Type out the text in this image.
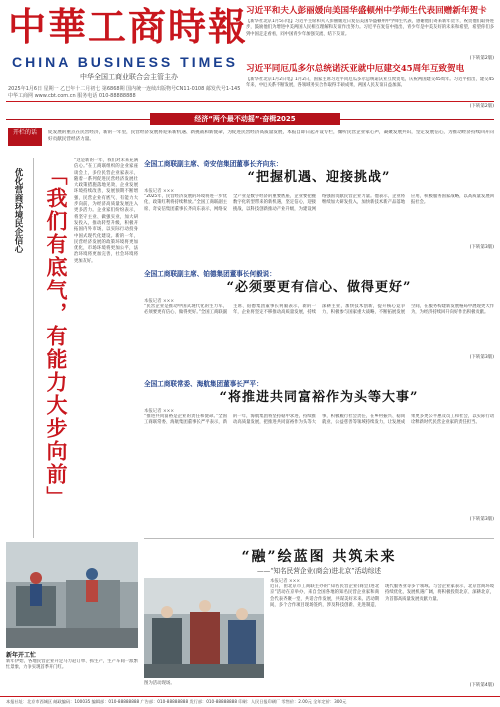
中華工商時報
CHINA BUSINESS TIMES
中华全国工商业联合会主管主办
2025年1月6日 星期一 乙巳年十二月初七 第6868期 国内统一连续出版物号CN11-0108 邮发代号1-145 中华工商网 www.cbt.com.cn 服务电话 010-88888888
习近平和夫人彭丽媛向美国华盛顿州中学师生代表回赠新年贺卡
【新华社北京1月5日电】习近平主席和夫人彭丽媛近日复信美国华盛顿州中学师生代表，感谢他们寄来新年贺卡，祝贺他们取得进步，鼓励他们为增进中美两国人民相互理解和友谊作出努力。习近平在复信中指出，青少年是中美友好的未来和希望，希望你们多到中国走走看看，同中国青少年加强交流、结下友谊。
(下转第2版)
习近平同厄瓜多尔总统诺沃亚就中厄建交45周年互致贺电
【新华社北京1月2日电】1月2日，国家主席习近平同厄瓜多尔总统诺沃亚互致贺电，庆祝两国建交45周年。习近平指出，建交45年来，中厄关系不断发展，各领域务实合作取得丰硕成果，两国人民友谊日益加深。
(下转第2版)
经济“两个最不动摇”·奋楫2025
开栏的话	促发展的重点在民营经济，新的一年里，民营经济发展将迎来新机遇、新挑战和新使命，为促进民营经济高质量发展，本报自即日起开设专栏，倾听民营企业家心声，凝聚发展共识，坚定发展信心，为推动经济持续回升向好贡献民营经济力量。
优化营商环境民企信心	「我们有底气，有能力大步向前」
“这是新的一年，我们对未来充满信心。”在工商联组织的企业家座谈会上，多位民营企业家表示，随着一系列促进民营经济发展壮大政策措施落地见效，企业发展环境持续改善，发展预期不断增强，民营企业有底气、有能力大步向前，为经济高质量发展注入更多活力。企业家们纷纷表示，将坚守主业、做强实业，加大研发投入，推动转型升级，积极开拓国内外市场，以实际行动投身中国式现代化建设。新的一年，民营经济发展的政策环境将更加优化，市场环境将更加公平，法治环境将更加完善，社会环境将更加友好。
新年开工忙
新年伊始，各地民营企业开足马力赶订单、抓生产，生产车间一派繁忙景象，力争实现首季开门红。
全国工商联副主席、奇安信集团董事长齐向东：
“把握机遇、迎接挑战”
本报记者 ×××
“2025年，民营经济发展的环境将进一步优化，政策红利将持续释放。”全国工商联副主席、奇安信集团董事长齐向东表示，网络安全产业是数字经济的重要底座，企业要把握数字化转型带来的新机遇，坚定信心，迎接挑战，以科技创新推动产业升级，为建设网络强国贡献民营企业力量。他表示，企业将继续加大研发投入，加快新技术新产品落地应用，积极服务国家战略，以高质量发展回报社会。
(下转第3版)
全国工商联副主席、铂德集团董事长何毅说：
“必须要更有信心、做得更好”
本报记者 ×××
“民营企业是推动中国式现代化的生力军，必须要更有信心、做得更好。”全国工商联副主席、铂德集团董事长何毅表示，新的一年，企业将坚定不移推动高质量发展，持续深耕主业，加快技术创新，提升核心竞争力，积极参与国家重大战略，不断拓展发展空间，在服务构建新发展格局中展现更大作为，为经济持续回升向好作出积极贡献。
(下转第3版)
全国工商联常委、海航集团董事长严平：
“将推进共同富裕作为头等大事”
本报记者 ×××
“推进共同富裕是企业的责任和使命。”全国工商联常委、海航集团董事长严平表示，新的一年，海航集团将坚持稳中求进，持续推动高质量发展，把推进共同富裕作为头等大事，积极履行社会责任，在乡村振兴、稳岗就业、公益慈善等领域持续发力，让发展成果更多更公平惠及员工和社会，以实际行动诠释新时代民营企业家的责任担当。
(下转第3版)
“融”绘蓝图 共筑未来
——“知名民营企业(商会)进北京”活动综述
图为活动现场。
本报记者 ×××
近日，由北京市工商联主办的“知名民营企业(商会)进北京”活动在京举办，来自全国各地的知名民营企业家和商会代表齐聚一堂，共话合作发展，共谋美好未来。活动期间，多个合作项目现场签约，涉及科技创新、先进制造、现代服务业等多个领域。与会企业家表示，北京营商环境持续优化，发展机遇广阔，将积极投资北京、深耕北京，为首都高质量发展贡献力量。
(下转第4版)
本报社址：北京市西城区 邮政编码：100035 编辑部：010-88888888 广告部：010-88888888 发行部：010-88888888 印刷：人民日报印刷厂 零售价：2.00元 全年定价：300元
